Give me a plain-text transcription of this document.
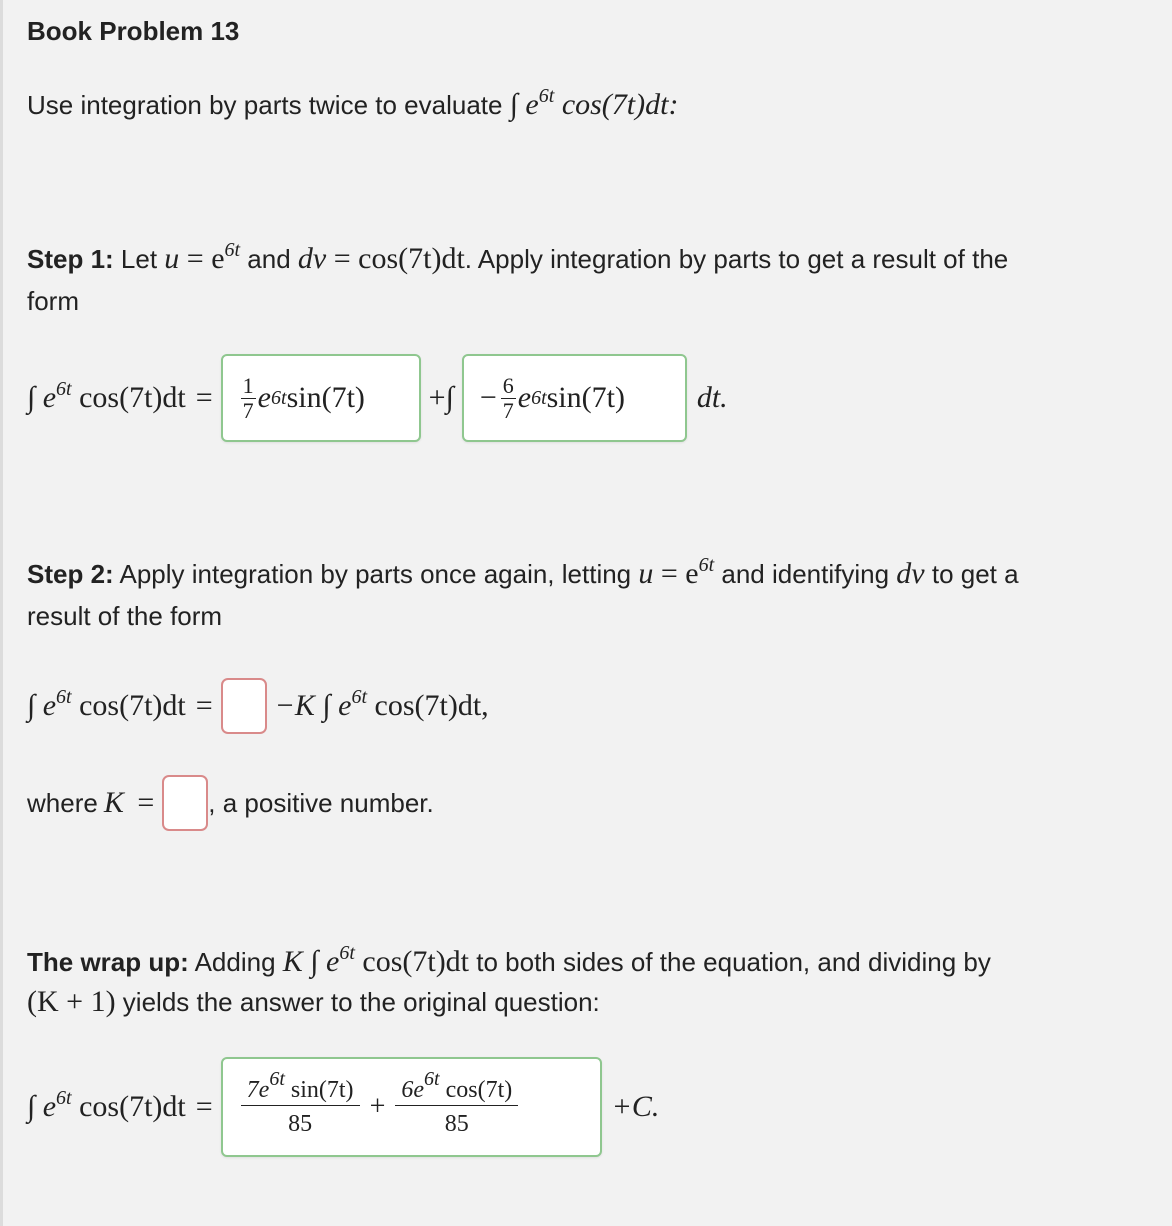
Book Problem 13
Use integration by parts twice to evaluate ∫ $e^{6t}$ cos(7t)dt:
Step 1: Let $u = e^{6t}$ and dv = cos(7t)dt. Apply integration by parts to get a result of the
form
∫ $e^{6t}$ $\cos(7t)dt = \frac{1}{7}$ e 6t sin(7t) +∫ − $\frac{6}{7}$ e 6t sin(7t) dt.
Step 2: Apply integration by parts once again, letting $u = e^{6t}$ and identifying dv to get a
result of the form
∫ $e^{6t}$ cos(7t)dt = −K ∫ $e^{6t}$ cos(7t)dt,
where K = , a positive number.
The wrap up: Adding K ∫ $e^{6t}$ cos(7t)dt to both sides of the equation, and dividing by
(K + 1) yields the answer to the original question:
∫ $e^{6t}$ $\cos(7t)dt = \frac{7e^{6t} \sin(7t)}{85} + \frac{6e^{6t} \cos(7t)}{85}$	+C.
